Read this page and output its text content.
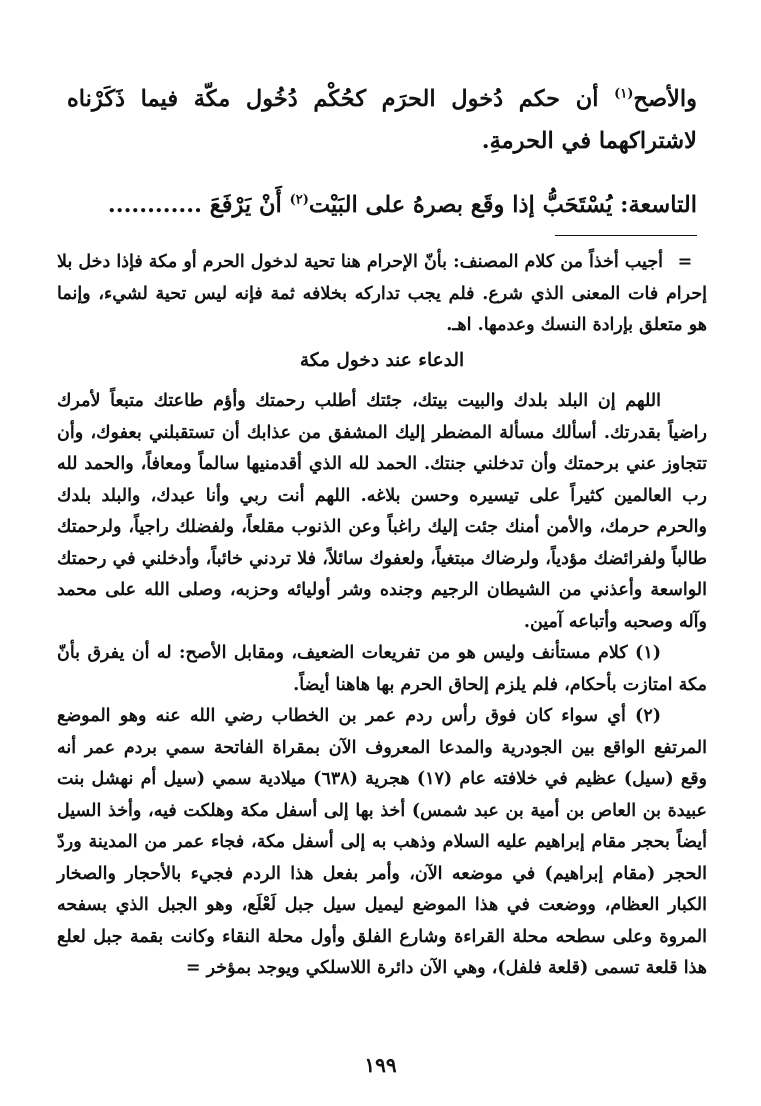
والأصح$^{(١)}$ أن حكم دُخول الحرَم كحُكْم دُخُول مكّة فيما ذَكَرْناه لاشتراكهما في الحرمةِ.

التاسعة: يُسْتَحَبُّ إذا وقَع بصرهُ على البَيْت$^{(٢)}$ أَنْ يَرْفَعَ ............

=أجيب أخذاً من كلام المصنف: بأنّ الإحرام هنا تحية لدخول الحرم أو مكة فإذا دخل بلا إحرام فات المعنى الذي شرع. فلم يجب تداركه بخلافه ثمة فإنه ليس تحية لشيء، وإنما هو متعلق بإرادة النسك وعدمها. اهـ.

الدعاء عند دخول مكة

اللهم إن البلد بلدك والبيت بيتك، جئتك أطلب رحمتك وأؤم طاعتك متبعاً لأمرك راضياً بقدرتك. أسألك مسألة المضطر إليك المشفق من عذابك أن تستقبلني بعفوك، وأن تتجاوز عني برحمتك وأن تدخلني جنتك. الحمد لله الذي أقدمنيها سالماً ومعافاً، والحمد لله رب العالمين كثيراً على تيسيره وحسن بلاغه. اللهم أنت ربي وأنا عبدك، والبلد بلدك والحرم حرمك، والأمن أمنك جئت إليك راغباً وعن الذنوب مقلعاً، ولفضلك راجياً، ولرحمتك طالباً ولفرائضك مؤدياً، ولرضاك مبتغياً، ولعفوك سائلاً، فلا تردني خائباً، وأدخلني في رحمتك الواسعة وأعذني من الشيطان الرجيم وجنده وشر أوليائه وحزبه، وصلى الله على محمد وآله وصحبه وأتباعه آمين.

(١) كلام مستأنف وليس هو من تفريعات الضعيف، ومقابل الأصح: له أن يفرق بأنّ مكة امتازت بأحكام، فلم يلزم إلحاق الحرم بها هاهنا أيضاً.

(٢) أي سواء كان فوق رأس ردم عمر بن الخطاب رضي الله عنه وهو الموضع المرتفع الواقع بين الجودرية والمدعا المعروف الآن بمقراة الفاتحة سمي بردم عمر أنه وقع (سيل) عظيم في خلافته عام (١٧) هجرية (٦٣٨) ميلادية سمي (سيل أم نهشل بنت عبيدة بن العاص بن أمية بن عبد شمس) أخذ بها إلى أسفل مكة وهلكت فيه، وأخذ السيل أيضاً بحجر مقام إبراهيم عليه السلام وذهب به إلى أسفل مكة، فجاء عمر من المدينة وردّ الحجر (مقام إبراهيم) في موضعه الآن، وأمر بفعل هذا الردم فجيء بالأحجار والصخار الكبار العظام، ووضعت في هذا الموضع ليميل سيل جبل لَعْلَع، وهو الجبل الذي بسفحه المروة وعلى سطحه محلة القراءة وشارع الفلق وأول محلة النقاء وكانت بقمة جبل لعلع هذا قلعة تسمى (قلعة فلفل)، وهي الآن دائرة اللاسلكي ويوجد بمؤخر =

١٩٩
